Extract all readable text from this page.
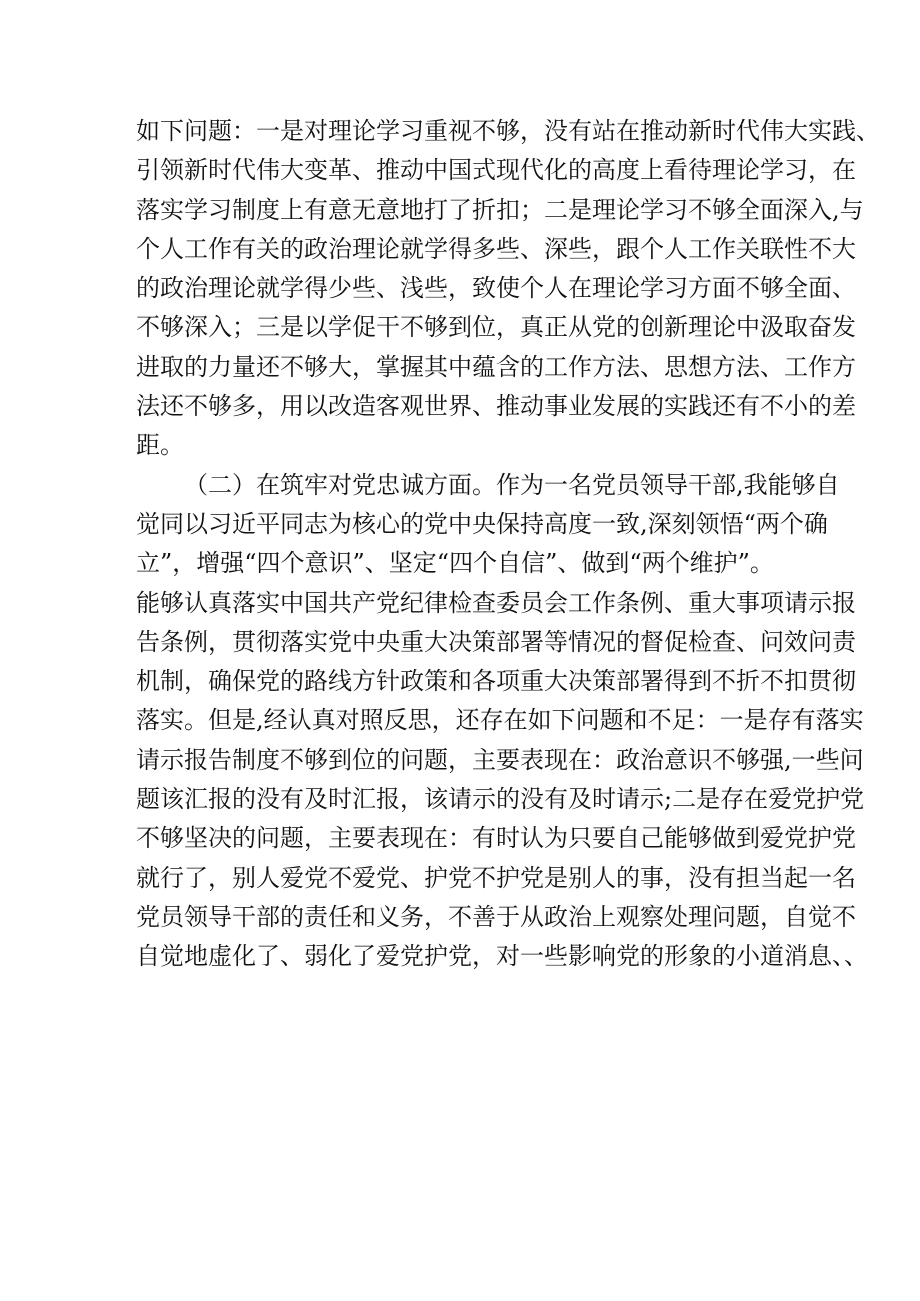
如下问题：一是对理论学习重视不够，没有站在推动新时代伟大实践、
引领新时代伟大变革、推动中国式现代化的高度上看待理论学习，在
落实学习制度上有意无意地打了折扣；二是理论学习不够全面深入,与
个人工作有关的政治理论就学得多些、深些，跟个人工作关联性不大
的政治理论就学得少些、浅些，致使个人在理论学习方面不够全面、
不够深入；三是以学促干不够到位，真正从党的创新理论中汲取奋发
进取的力量还不够大，掌握其中蕴含的工作方法、思想方法、工作方
法还不够多，用以改造客观世界、推动事业发展的实践还有不小的差
距。
（二）在筑牢对党忠诚方面。作为一名党员领导干部,我能够自
觉同以习近平同志为核心的党中央保持高度一致,深刻领悟“两个确
立”，增强“四个意识”、坚定“四个自信”、做到“两个维护”。
能够认真落实中国共产党纪律检查委员会工作条例、重大事项请示报
告条例，贯彻落实党中央重大决策部署等情况的督促检查、问效问责
机制，确保党的路线方针政策和各项重大决策部署得到不折不扣贯彻
落实。但是,经认真对照反思，还存在如下问题和不足：一是存有落实
请示报告制度不够到位的问题，主要表现在：政治意识不够强,一些问
题该汇报的没有及时汇报，该请示的没有及时请示;二是存在爱党护党
不够坚决的问题，主要表现在：有时认为只要自己能够做到爱党护党
就行了，别人爱党不爱党、护党不护党是别人的事，没有担当起一名
党员领导干部的责任和义务，不善于从政治上观察处理问题，自觉不
自觉地虚化了、弱化了爱党护党，对一些影响党的形象的小道消息、、
